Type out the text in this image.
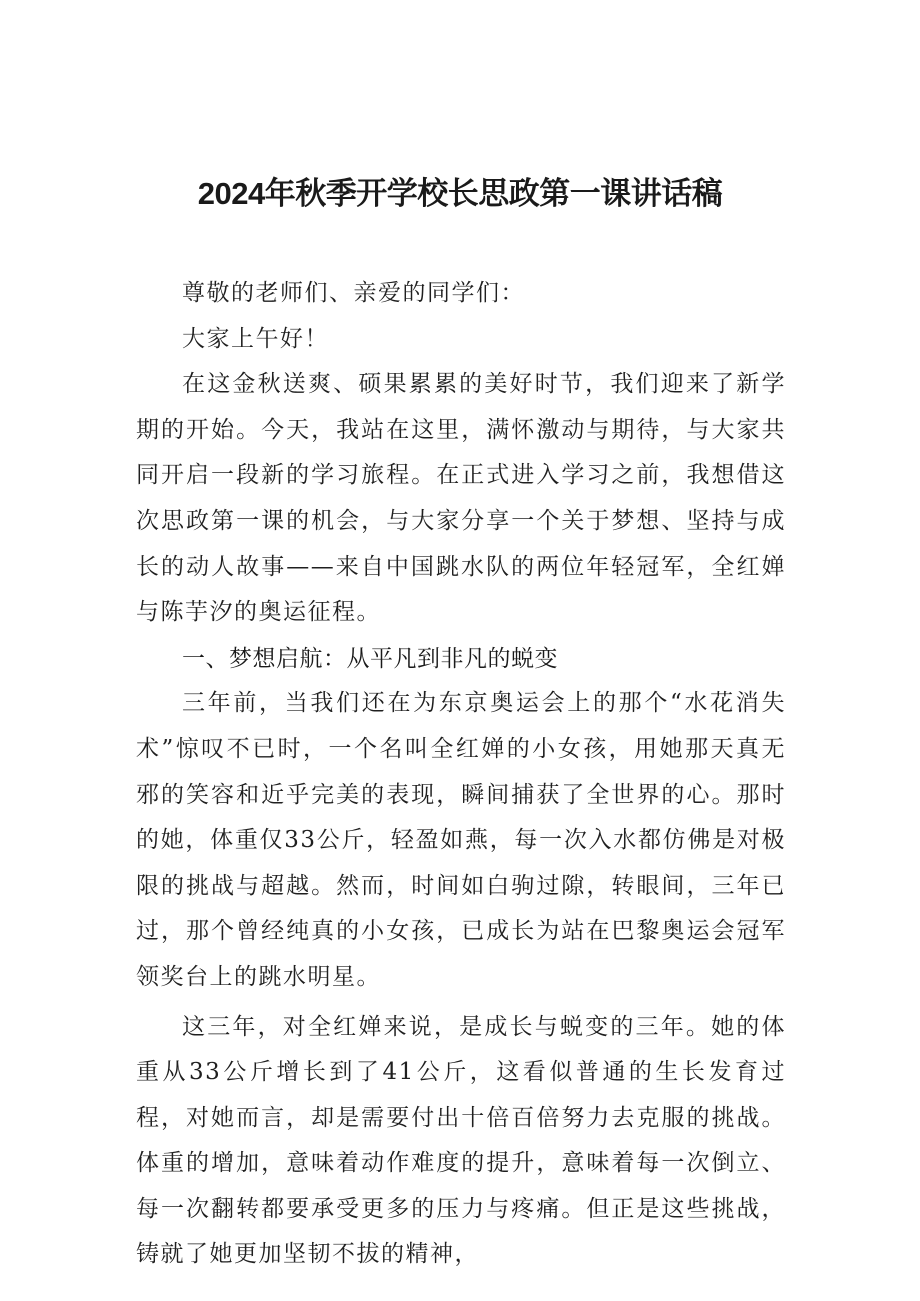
2024年秋季开学校长思政第一课讲话稿

尊敬的老师们、亲爱的同学们：

大家上午好！

在这金秋送爽、硕果累累的美好时节，我们迎来了新学期的开始。今天，我站在这里，满怀激动与期待，与大家共同开启一段新的学习旅程。在正式进入学习之前，我想借这次思政第一课的机会，与大家分享一个关于梦想、坚持与成长的动人故事——来自中国跳水队的两位年轻冠军，全红婵与陈芋汐的奥运征程。

一、梦想启航：从平凡到非凡的蜕变

三年前，当我们还在为东京奥运会上的那个“水花消失术”惊叹不已时，一个名叫全红婵的小女孩，用她那天真无邪的笑容和近乎完美的表现，瞬间捕获了全世界的心。那时的她，体重仅33公斤，轻盈如燕，每一次入水都仿佛是对极限的挑战与超越。然而，时间如白驹过隙，转眼间，三年已过，那个曾经纯真的小女孩，已成长为站在巴黎奥运会冠军领奖台上的跳水明星。

这三年，对全红婵来说，是成长与蜕变的三年。她的体重从33公斤增长到了41公斤，这看似普通的生长发育过程，对她而言，却是需要付出十倍百倍努力去克服的挑战。体重的增加，意味着动作难度的提升，意味着每一次倒立、每一次翻转都要承受更多的压力与疼痛。但正是这些挑战，铸就了她更加坚韧不拔的精神，
